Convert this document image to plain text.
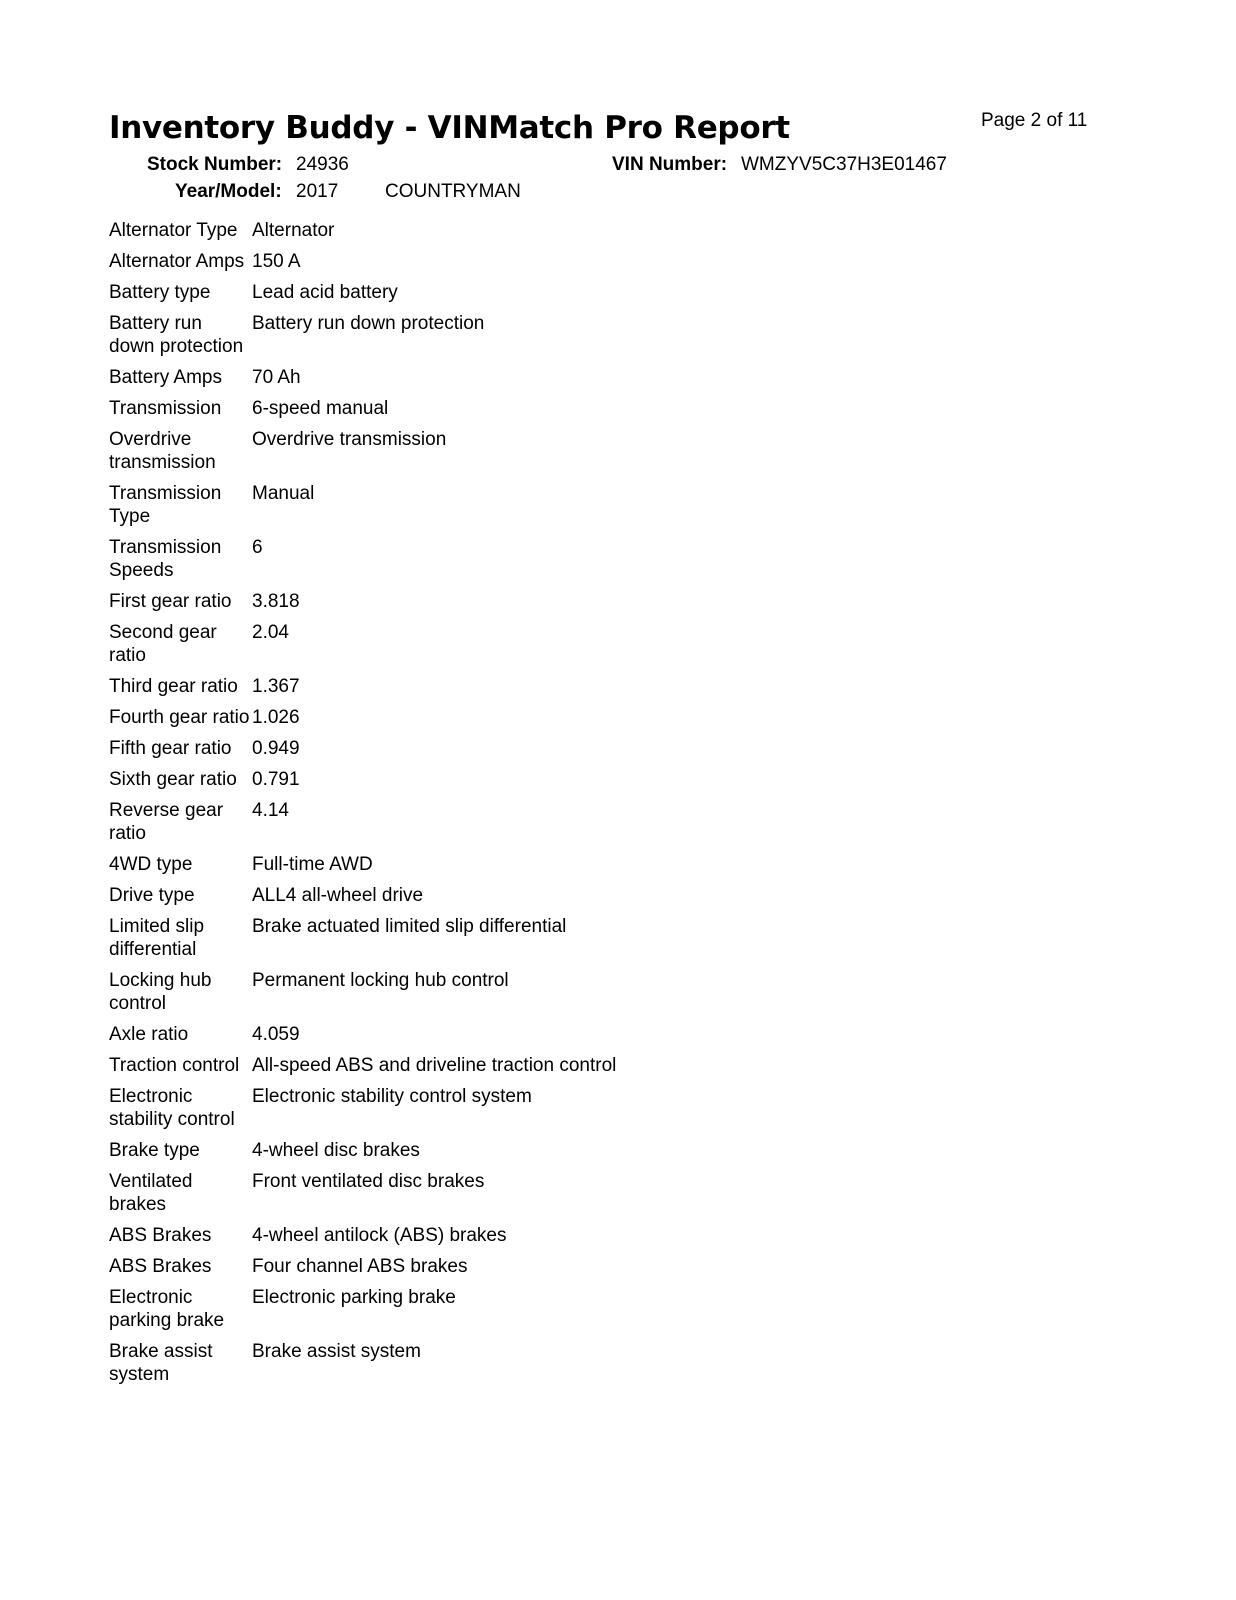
Inventory Buddy - VINMatch Pro Report	Page 2 of 11
Stock Number: 24936
Year/Model: 2017 COUNTRYMAN
VIN Number: WMZYV5C37H3E01467
Alternator Type	Alternator
Alternator Amps	150 A
Battery type	Lead acid battery
Battery run down protection	Battery run down protection
Battery Amps	70 Ah
Transmission	6-speed manual
Overdrive transmission	Overdrive transmission
Transmission Type	Manual
Transmission Speeds	6
First gear ratio	3.818
Second gear ratio	2.04
Third gear ratio	1.367
Fourth gear ratio	1.026
Fifth gear ratio	0.949
Sixth gear ratio	0.791
Reverse gear ratio	4.14
4WD type	Full-time AWD
Drive type	ALL4 all-wheel drive
Limited slip differential	Brake actuated limited slip differential
Locking hub control	Permanent locking hub control
Axle ratio	4.059
Traction control	All-speed ABS and driveline traction control
Electronic stability control	Electronic stability control system
Brake type	4-wheel disc brakes
Ventilated brakes	Front ventilated disc brakes
ABS Brakes	4-wheel antilock (ABS) brakes
ABS Brakes	Four channel ABS brakes
Electronic parking brake	Electronic parking brake
Brake assist system	Brake assist system
